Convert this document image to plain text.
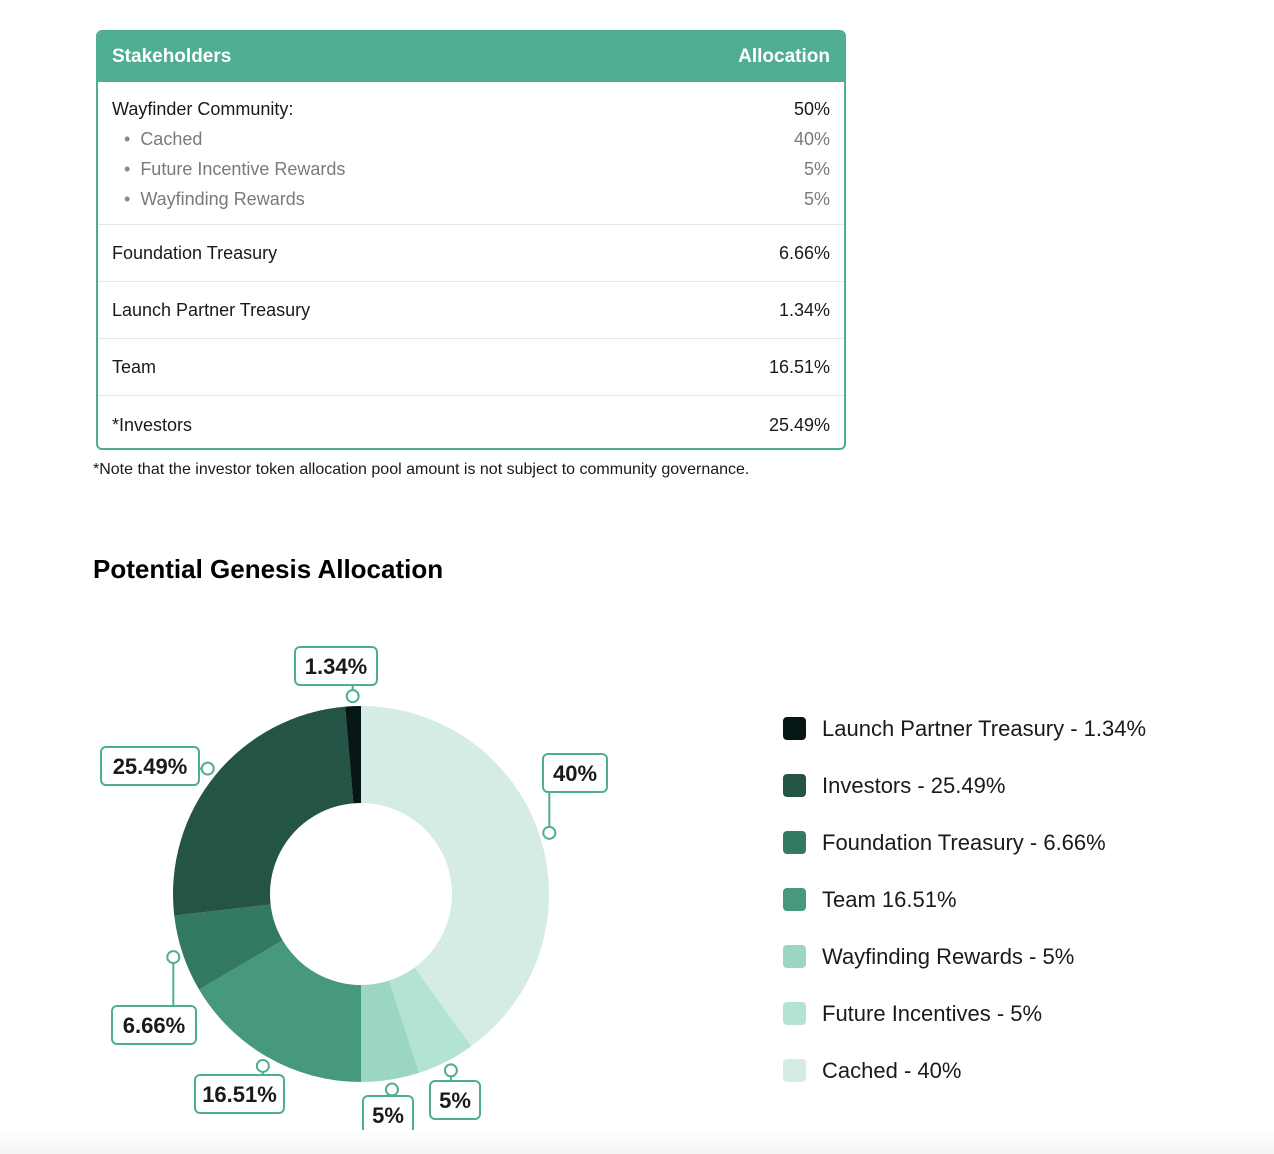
Stakeholders	Allocation
Wayfinder Community:	50%
• Cached	40%
• Future Incentive Rewards	5%
• Wayfinding Rewards	5%
Foundation Treasury	6.66%
Launch Partner Treasury	1.34%
Team	16.51%
*Investors	25.49%
*Note that the investor token allocation pool amount is not subject to community governance.
Potential Genesis Allocation
40%
5%
5%
16.51%
6.66%
25.49%
1.34%
Launch Partner Treasury - 1.34%
Investors - 25.49%
Foundation Treasury - 6.66%
Team 16.51%
Wayfinding Rewards - 5%
Future Incentives - 5%
Cached - 40%
